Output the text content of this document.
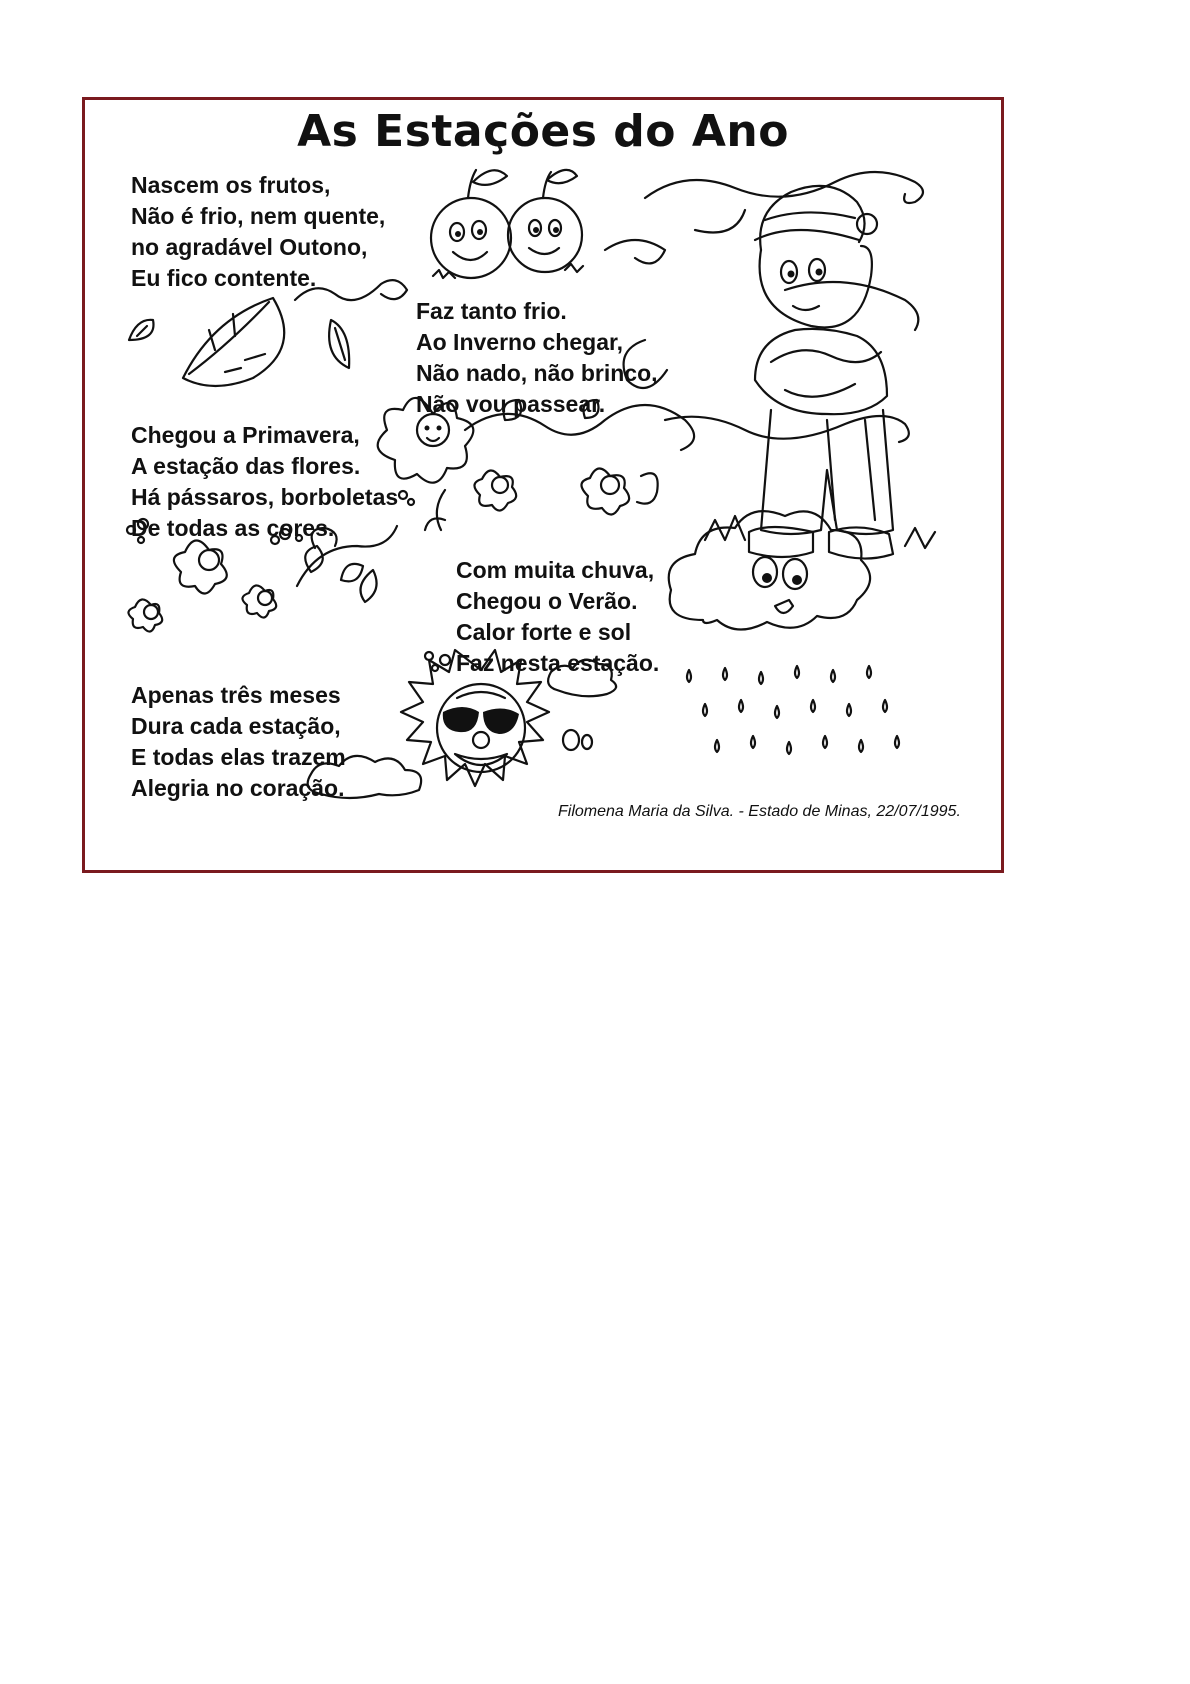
As Estações do Ano
Nascem os frutos,
Não é frio, nem quente,
no agradável Outono,
Eu fico contente.
Faz tanto frio.
Ao Inverno chegar,
Não nado, não brinco,
Não vou passear.
Chegou a Primavera,
A estação das flores.
Há pássaros, borboletas
De todas as cores.
Com muita chuva,
Chegou o Verão.
Calor forte e sol
Faz nesta estação.
Apenas três meses
Dura cada estação,
E todas elas trazem
Alegria no coração.
Filomena Maria da Silva. - Estado de Minas, 22/07/1995.
